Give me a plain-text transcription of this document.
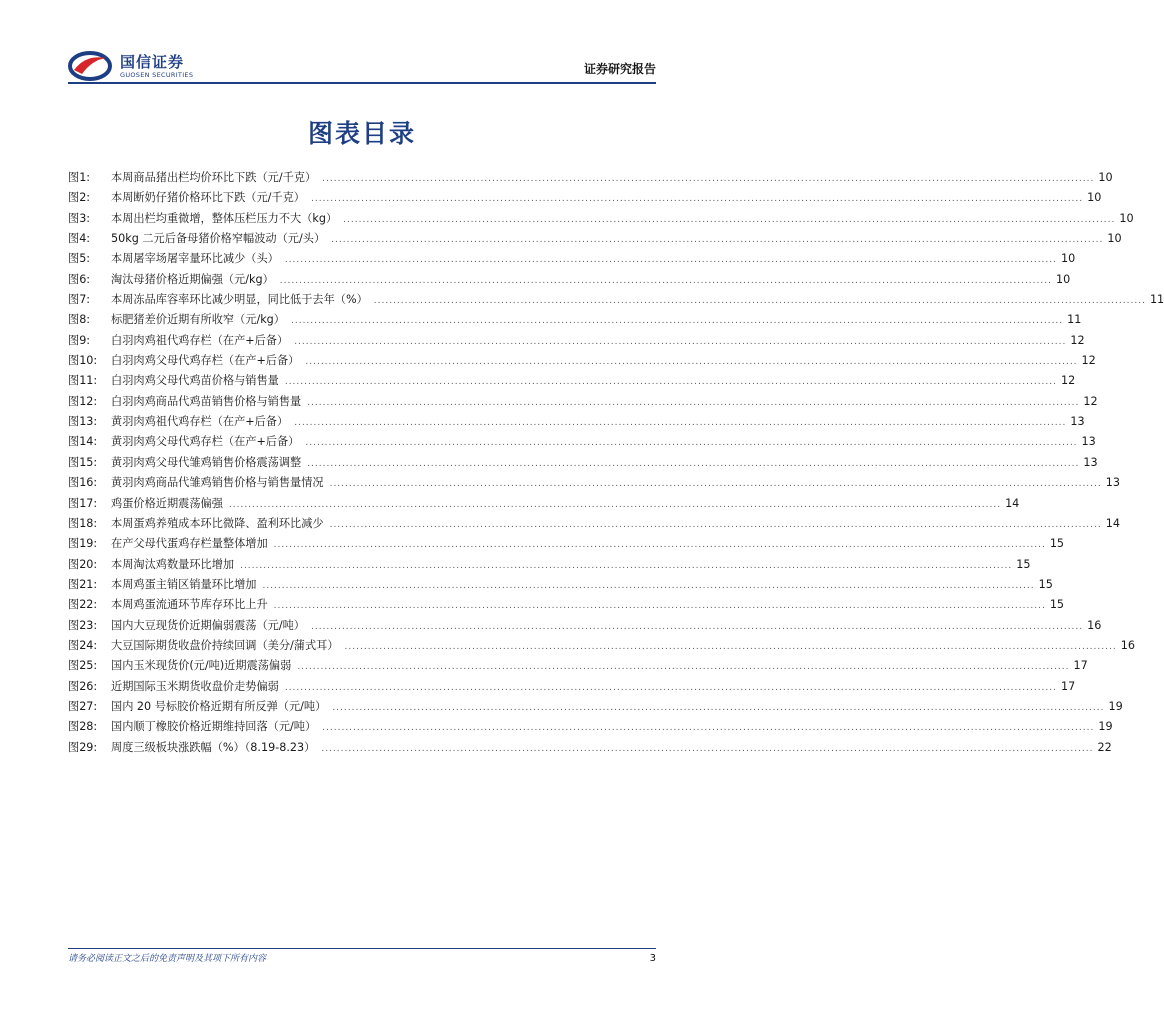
国信证券
GUOSEN SECURITIES	证券研究报告
图表目录
图1:	本周商品猪出栏均价环比下跌（元/千克） ........................................................................................................................................................................................................ 10
图2:	本周断奶仔猪价格环比下跌（元/千克） ........................................................................................................................................................................................................ 10
图3:	本周出栏均重微增，整体压栏压力不大（kg） ........................................................................................................................................................................................................ 10
图4:	50kg 二元后备母猪价格窄幅波动（元/头） ........................................................................................................................................................................................................ 10
图5:	本周屠宰场屠宰量环比减少（头） ........................................................................................................................................................................................................ 10
图6:	淘汰母猪价格近期偏强（元/kg） ........................................................................................................................................................................................................ 10
图7:	本周冻品库容率环比减少明显，同比低于去年（%） ........................................................................................................................................................................................................ 11
图8:	标肥猪差价近期有所收窄（元/kg） ........................................................................................................................................................................................................ 11
图9:	白羽肉鸡祖代鸡存栏（在产+后备） ........................................................................................................................................................................................................ 12
图10:	白羽肉鸡父母代鸡存栏（在产+后备） ........................................................................................................................................................................................................ 12
图11:	白羽肉鸡父母代鸡苗价格与销售量 ........................................................................................................................................................................................................ 12
图12:	白羽肉鸡商品代鸡苗销售价格与销售量 ........................................................................................................................................................................................................ 12
图13:	黄羽肉鸡祖代鸡存栏（在产+后备） ........................................................................................................................................................................................................ 13
图14:	黄羽肉鸡父母代鸡存栏（在产+后备） ........................................................................................................................................................................................................ 13
图15:	黄羽肉鸡父母代雏鸡销售价格震荡调整 ........................................................................................................................................................................................................ 13
图16:	黄羽肉鸡商品代雏鸡销售价格与销售量情况 ........................................................................................................................................................................................................ 13
图17:	鸡蛋价格近期震荡偏强 ........................................................................................................................................................................................................ 14
图18:	本周蛋鸡养殖成本环比微降、盈利环比减少 ........................................................................................................................................................................................................ 14
图19:	在产父母代蛋鸡存栏量整体增加 ........................................................................................................................................................................................................ 15
图20:	本周淘汰鸡数量环比增加 ........................................................................................................................................................................................................ 15
图21:	本周鸡蛋主销区销量环比增加 ........................................................................................................................................................................................................ 15
图22:	本周鸡蛋流通环节库存环比上升 ........................................................................................................................................................................................................ 15
图23:	国内大豆现货价近期偏弱震荡（元/吨） ........................................................................................................................................................................................................ 16
图24:	大豆国际期货收盘价持续回调（美分/蒲式耳） ........................................................................................................................................................................................................ 16
图25:	国内玉米现货价(元/吨)近期震荡偏弱 ........................................................................................................................................................................................................ 17
图26:	近期国际玉米期货收盘价走势偏弱 ........................................................................................................................................................................................................ 17
图27:	国内 20 号标胶价格近期有所反弹（元/吨） ........................................................................................................................................................................................................ 19
图28:	国内顺丁橡胶价格近期维持回落（元/吨） ........................................................................................................................................................................................................ 19
图29:	周度三级板块涨跌幅（%）（8.19-8.23） ........................................................................................................................................................................................................ 22
请务必阅读正文之后的免责声明及其项下所有内容	3
